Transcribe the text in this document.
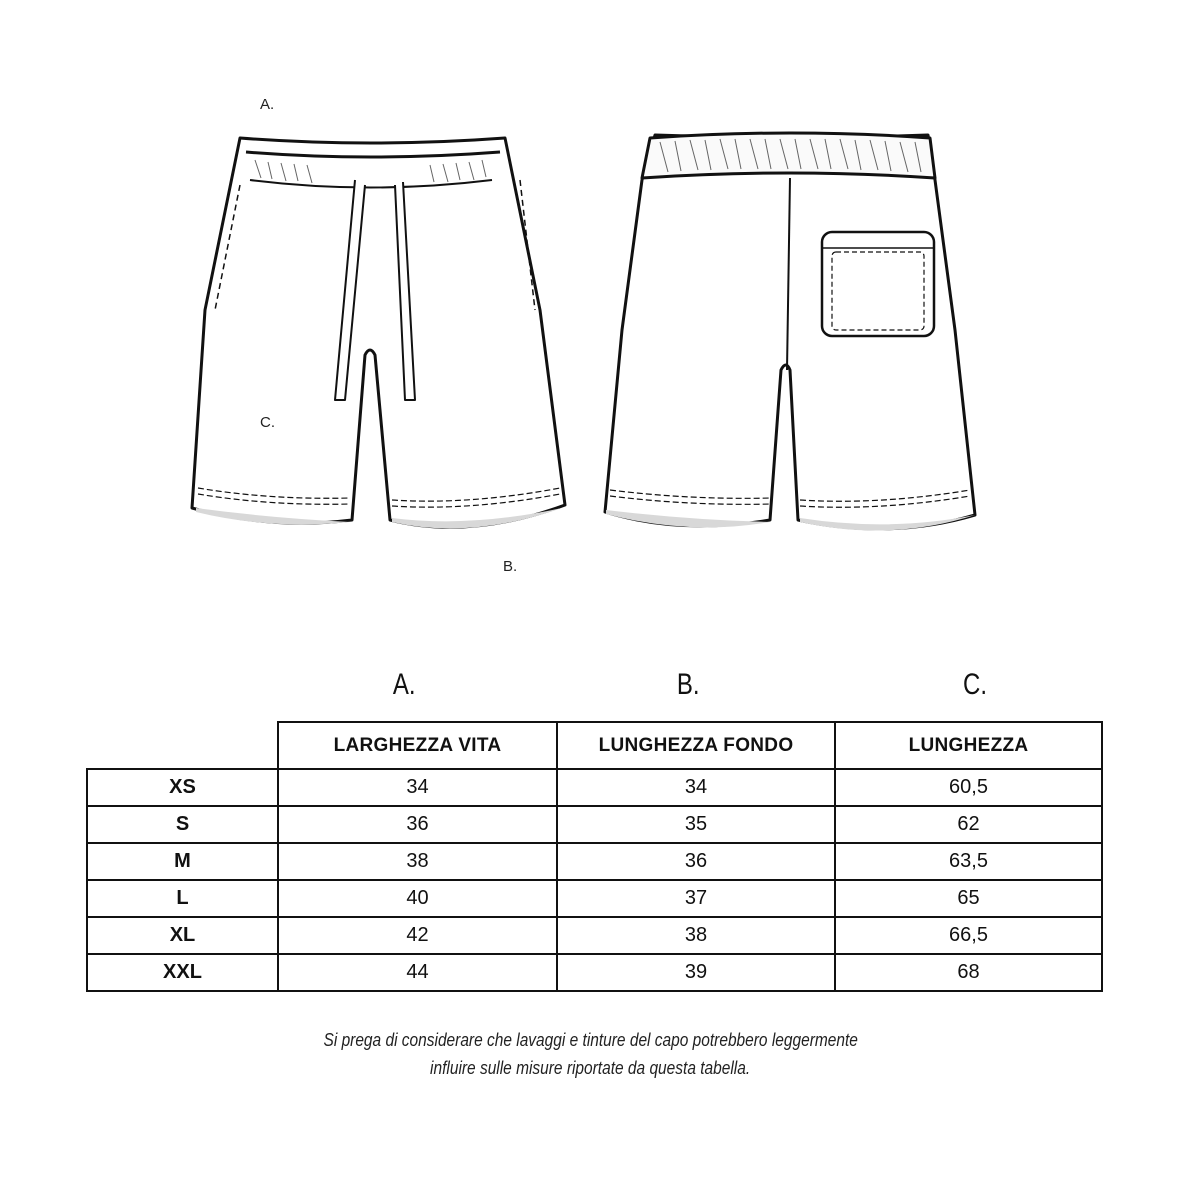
A.
C.
B.
A.	B.	C.
	LARGHEZZA VITA	LUNGHEZZA FONDO	LUNGHEZZA
XS	34	34	60,5
S	36	35	62
M	38	36	63,5
L	40	37	65
XL	42	38	66,5
XXL	44	39	68
Si prega di considerare che lavaggi e tinture del capo potrebbero leggermente
influire sulle misure riportate da questa tabella.
